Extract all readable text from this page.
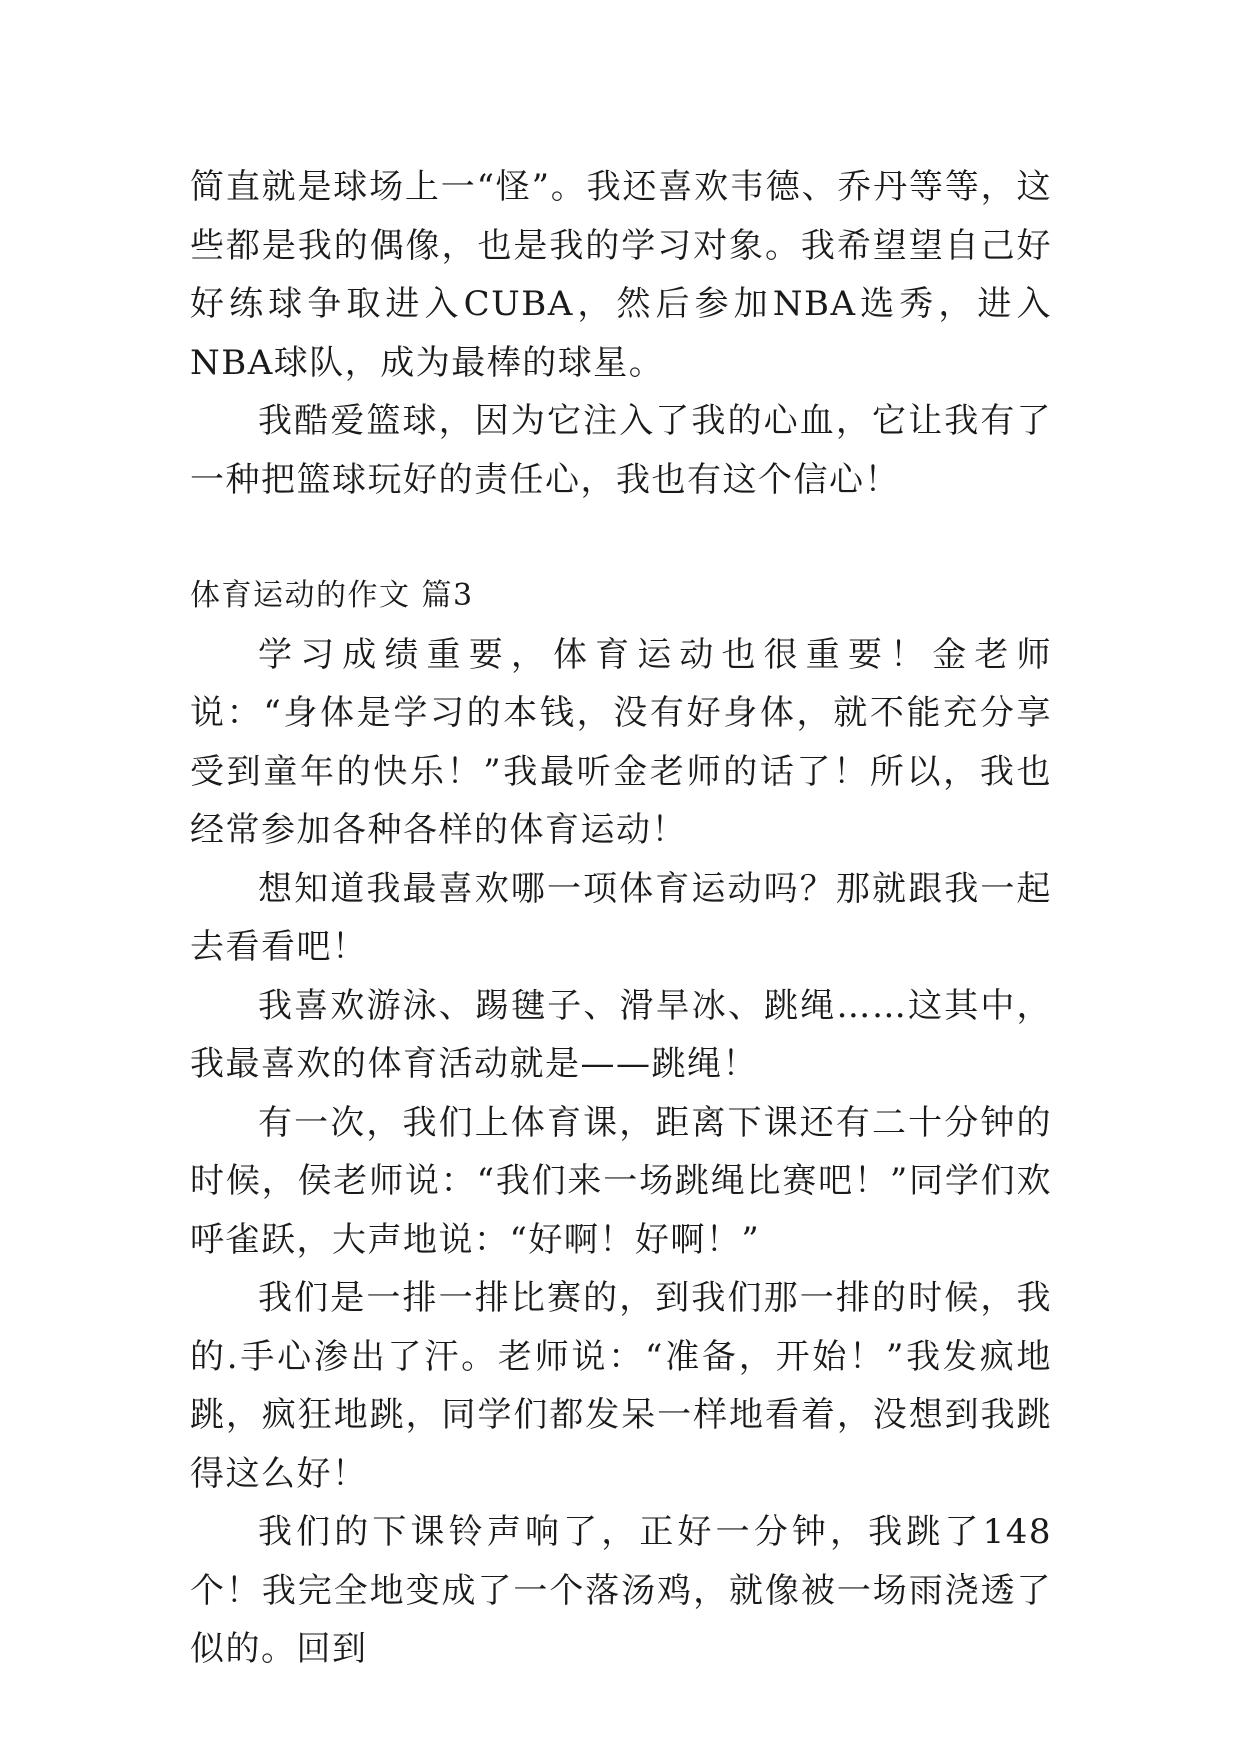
简直就是球场上一“怪”。我还喜欢韦德、乔丹等等，这些都是我的偶像，也是我的学习对象。我希望望自己好好练球争取进入CUBA，然后参加NBA选秀，进入NBA球队，成为最棒的球星。

我酷爱篮球，因为它注入了我的心血，它让我有了一种把篮球玩好的责任心，我也有这个信心！

体育运动的作文 篇3

学习成绩重要，体育运动也很重要！金老师说：“身体是学习的本钱，没有好身体，就不能充分享受到童年的快乐！”我最听金老师的话了！所以，我也经常参加各种各样的体育运动！

想知道我最喜欢哪一项体育运动吗？那就跟我一起去看看吧！

我喜欢游泳、踢毽子、滑旱冰、跳绳……这其中，我最喜欢的体育活动就是——跳绳！

有一次，我们上体育课，距离下课还有二十分钟的时候，侯老师说：“我们来一场跳绳比赛吧！”同学们欢呼雀跃，大声地说：“好啊！好啊！”

我们是一排一排比赛的，到我们那一排的时候，我的.手心渗出了汗。老师说：“准备，开始！”我发疯地跳，疯狂地跳，同学们都发呆一样地看着，没想到我跳得这么好！

我们的下课铃声响了，正好一分钟，我跳了148个！我完全地变成了一个落汤鸡，就像被一场雨浇透了似的。回到
